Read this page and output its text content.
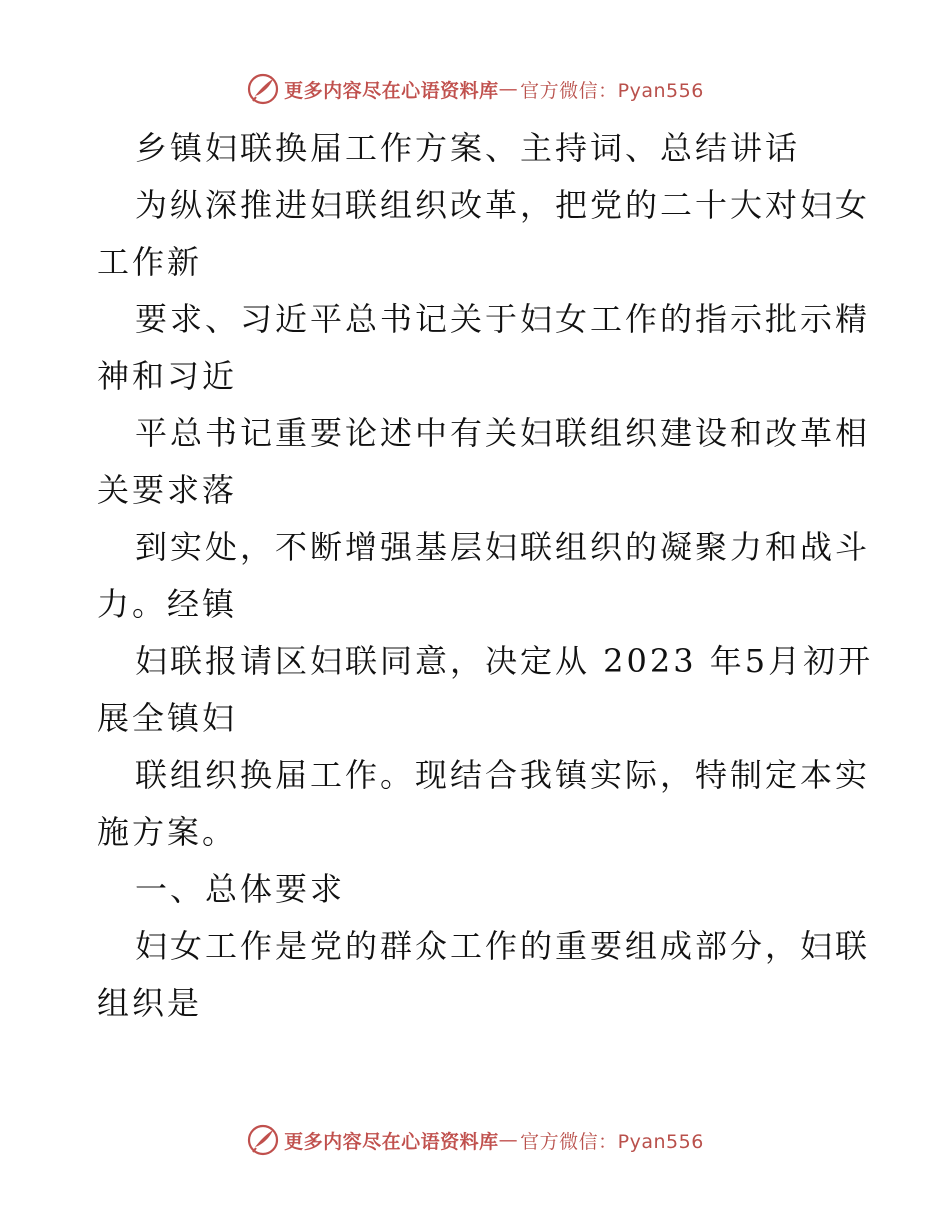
更多内容尽在心语资料库 — 官方微信：Pyan556
乡镇妇联换届工作方案、主持词、总结讲话
为纵深推进妇联组织改革，把党的二十大对妇女
工作新
要求、习近平总书记关于妇女工作的指示批示精
神和习近
平总书记重要论述中有关妇联组织建设和改革相
关要求落
到实处，不断增强基层妇联组织的凝聚力和战斗
力。经镇
妇联报请区妇联同意，决定从 2023 年5月初开
展全镇妇
联组织换届工作。现结合我镇实际，特制定本实
施方案。
一、总体要求
妇女工作是党的群众工作的重要组成部分，妇联
组织是
更多内容尽在心语资料库 — 官方微信：Pyan556
